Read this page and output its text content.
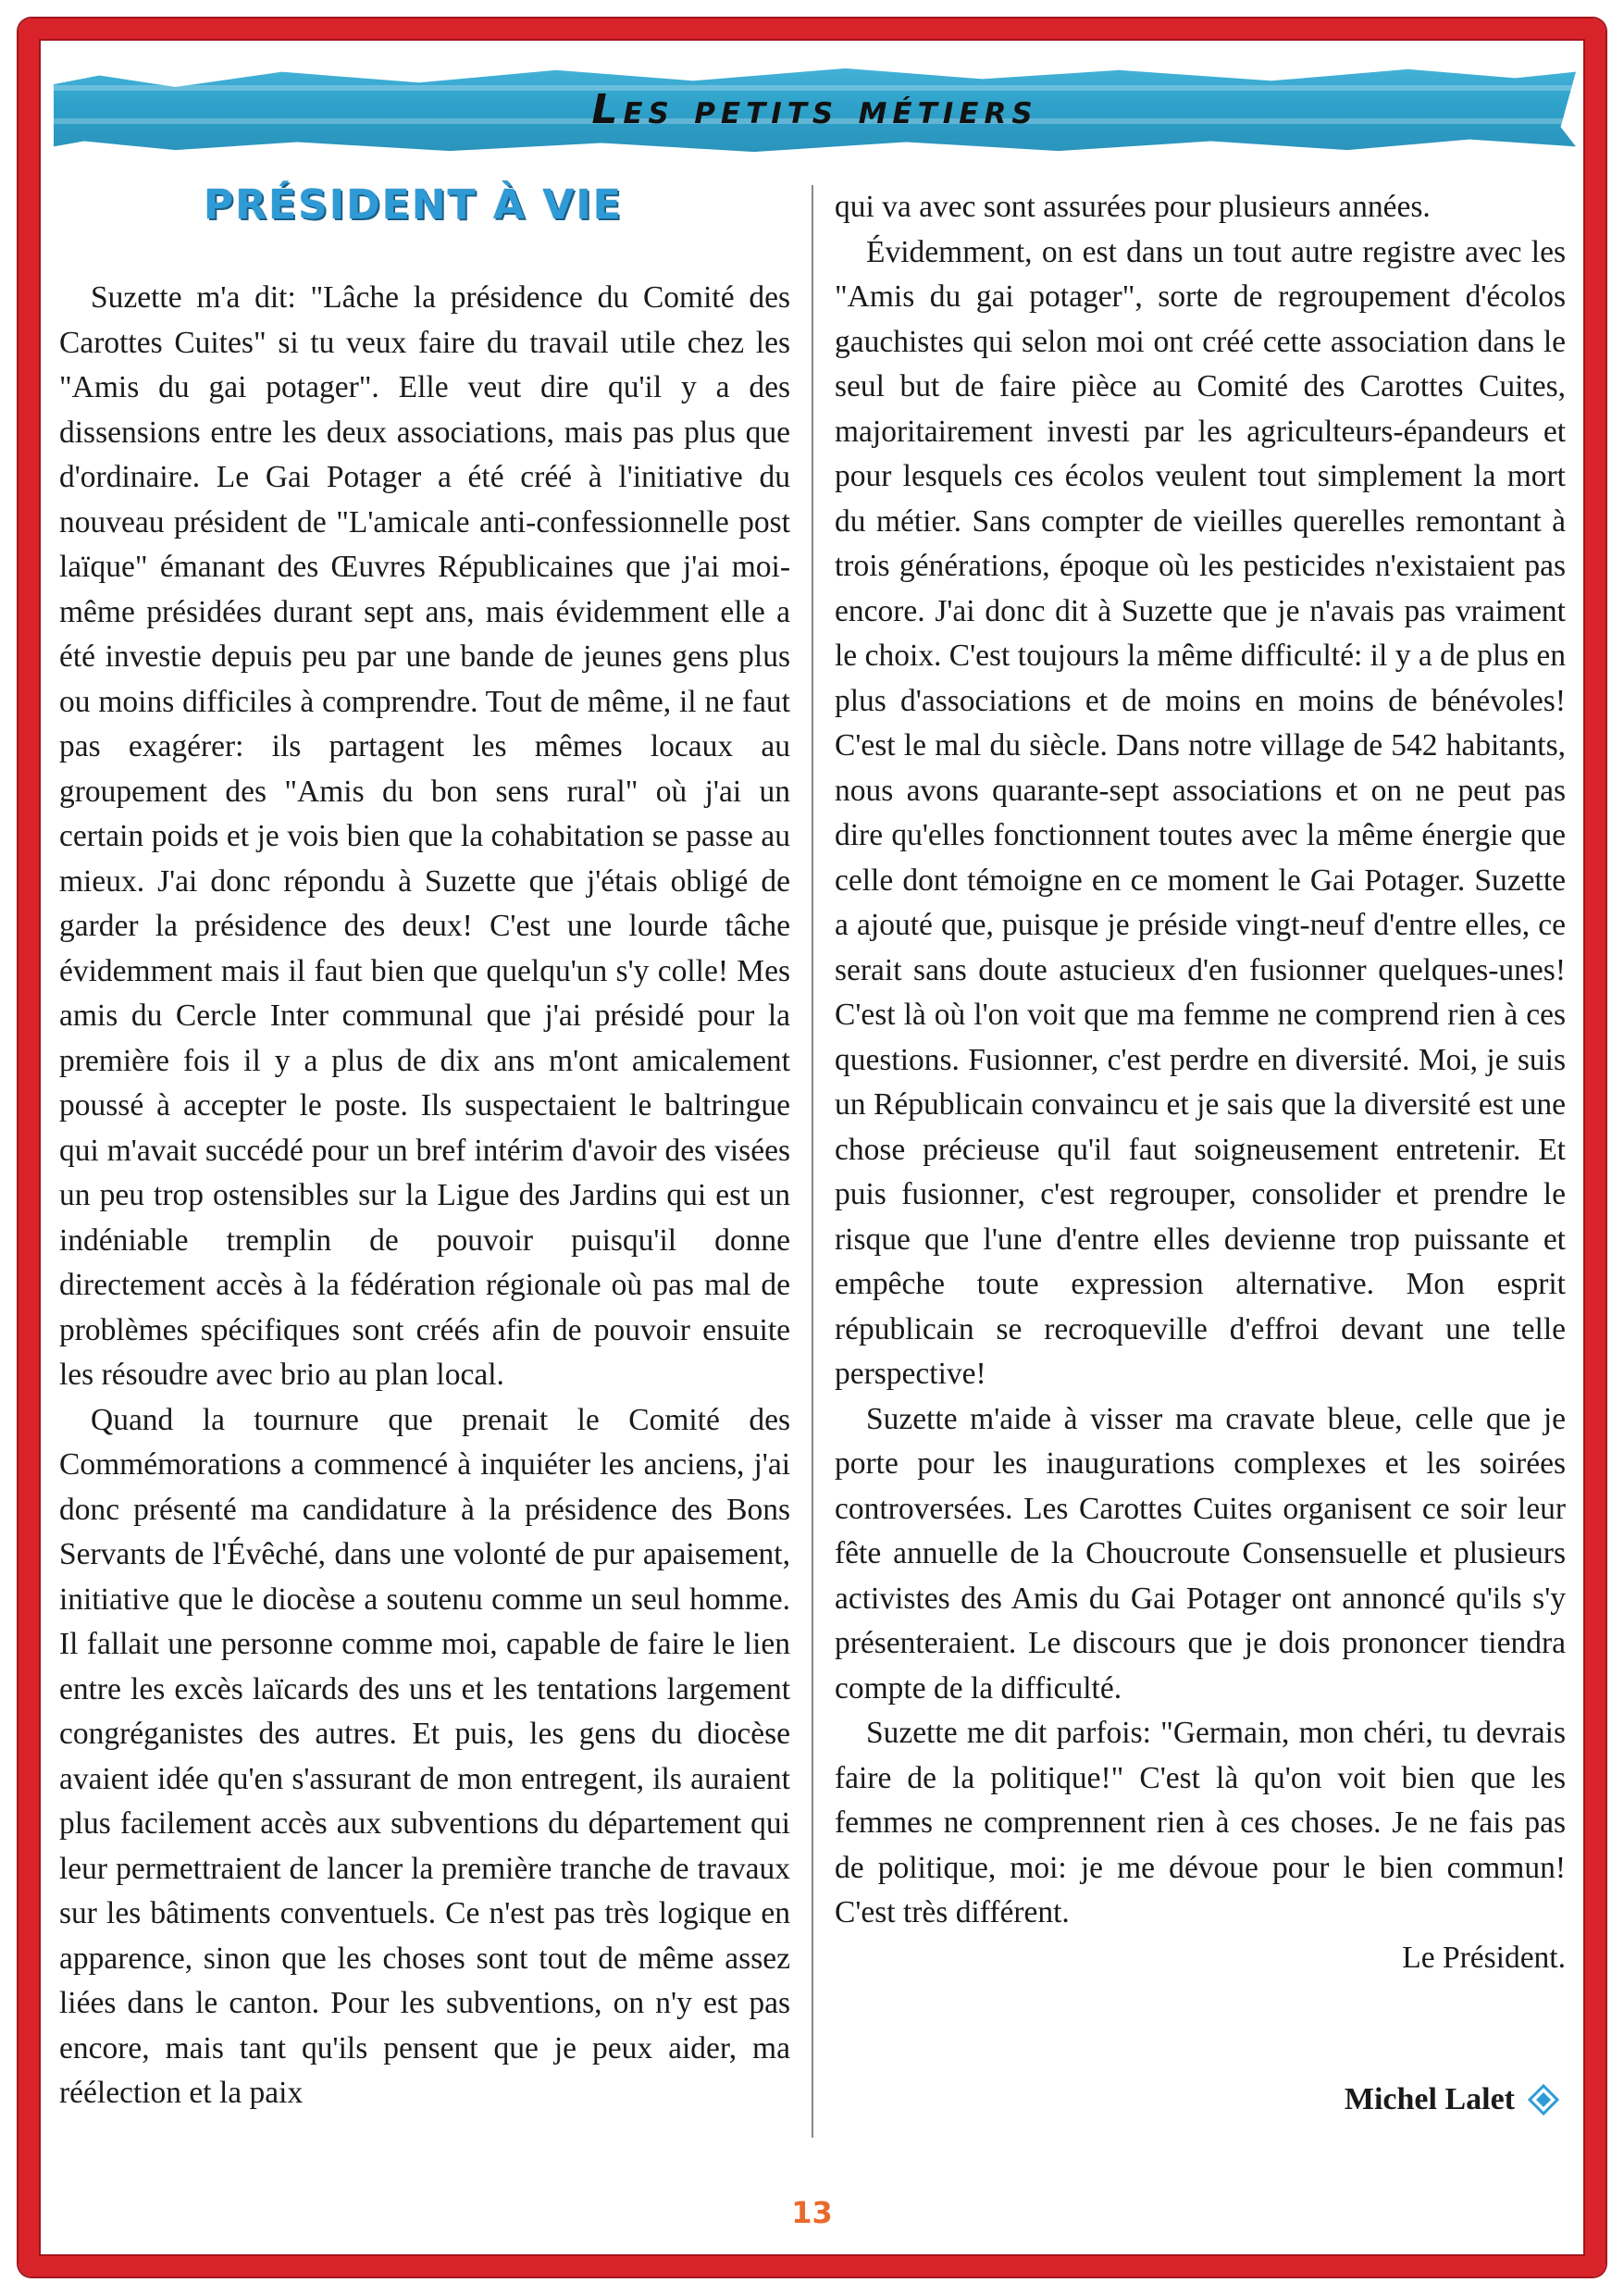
Les petits métiers
PRÉSIDENT À VIE

Suzette m'a dit: "Lâche la présidence du Comité des Carottes Cuites" si tu veux faire du travail utile chez les "Amis du gai potager". Elle veut dire qu'il y a des dissensions entre les deux associations, mais pas plus que d'ordinaire. Le Gai Potager a été créé à l'initiative du nouveau président de "L'amicale anti-confessionnelle post laïque" émanant des Œuvres Républicaines que j'ai moi-même présidées durant sept ans, mais évidemment elle a été investie depuis peu par une bande de jeunes gens plus ou moins difficiles à comprendre. Tout de même, il ne faut pas exagérer: ils partagent les mêmes locaux au groupement des "Amis du bon sens rural" où j'ai un certain poids et je vois bien que la cohabitation se passe au mieux. J'ai donc répondu à Suzette que j'étais obligé de garder la présidence des deux! C'est une lourde tâche évidemment mais il faut bien que quelqu'un s'y colle! Mes amis du Cercle Inter communal que j'ai présidé pour la première fois il y a plus de dix ans m'ont amicalement poussé à accepter le poste. Ils suspectaient le baltringue qui m'avait succédé pour un bref intérim d'avoir des visées un peu trop ostensibles sur la Ligue des Jardins qui est un indéniable tremplin de pouvoir puisqu'il donne directement accès à la fédération régionale où pas mal de problèmes spécifiques sont créés afin de pouvoir ensuite les résoudre avec brio au plan local.

Quand la tournure que prenait le Comité des Commémorations a commencé à inquiéter les anciens, j'ai donc présenté ma candidature à la présidence des Bons Servants de l'Évêché, dans une volonté de pur apaisement, initiative que le diocèse a soutenu comme un seul homme. Il fallait une personne comme moi, capable de faire le lien entre les excès laïcards des uns et les tentations largement congréganistes des autres. Et puis, les gens du diocèse avaient idée qu'en s'assurant de mon entregent, ils auraient plus facilement accès aux subventions du département qui leur permettraient de lancer la première tranche de travaux sur les bâtiments conventuels. Ce n'est pas très logique en apparence, sinon que les choses sont tout de même assez liées dans le canton. Pour les subventions, on n'y est pas encore, mais tant qu'ils pensent que je peux aider, ma réélection et la paix

qui va avec sont assurées pour plusieurs années.

Évidemment, on est dans un tout autre registre avec les "Amis du gai potager", sorte de regroupement d'écolos gauchistes qui selon moi ont créé cette association dans le seul but de faire pièce au Comité des Carottes Cuites, majoritairement investi par les agriculteurs-épandeurs et pour lesquels ces écolos veulent tout simplement la mort du métier. Sans compter de vieilles querelles remontant à trois générations, époque où les pesticides n'existaient pas encore. J'ai donc dit à Suzette que je n'avais pas vraiment le choix. C'est toujours la même difficulté: il y a de plus en plus d'associations et de moins en moins de bénévoles! C'est le mal du siècle. Dans notre village de 542 habitants, nous avons quarante-sept associations et on ne peut pas dire qu'elles fonctionnent toutes avec la même énergie que celle dont témoigne en ce moment le Gai Potager. Suzette a ajouté que, puisque je préside vingt-neuf d'entre elles, ce serait sans doute astucieux d'en fusionner quelques-unes! C'est là où l'on voit que ma femme ne comprend rien à ces questions. Fusionner, c'est perdre en diversité. Moi, je suis un Républicain convaincu et je sais que la diversité est une chose précieuse qu'il faut soigneusement entretenir. Et puis fusionner, c'est regrouper, consolider et prendre le risque que l'une d'entre elles devienne trop puissante et empêche toute expression alternative. Mon esprit républicain se recroqueville d'effroi devant une telle perspective!

Suzette m'aide à visser ma cravate bleue, celle que je porte pour les inaugurations complexes et les soirées controversées. Les Carottes Cuites organisent ce soir leur fête annuelle de la Choucroute Consensuelle et plusieurs activistes des Amis du Gai Potager ont annoncé qu'ils s'y présenteraient. Le discours que je dois prononcer tiendra compte de la difficulté.

Suzette me dit parfois: "Germain, mon chéri, tu devrais faire de la politique!" C'est là qu'on voit bien que les femmes ne comprennent rien à ces choses. Je ne fais pas de politique, moi: je me dévoue pour le bien commun! C'est très différent.

Le Président.

Michel Lalet
13
